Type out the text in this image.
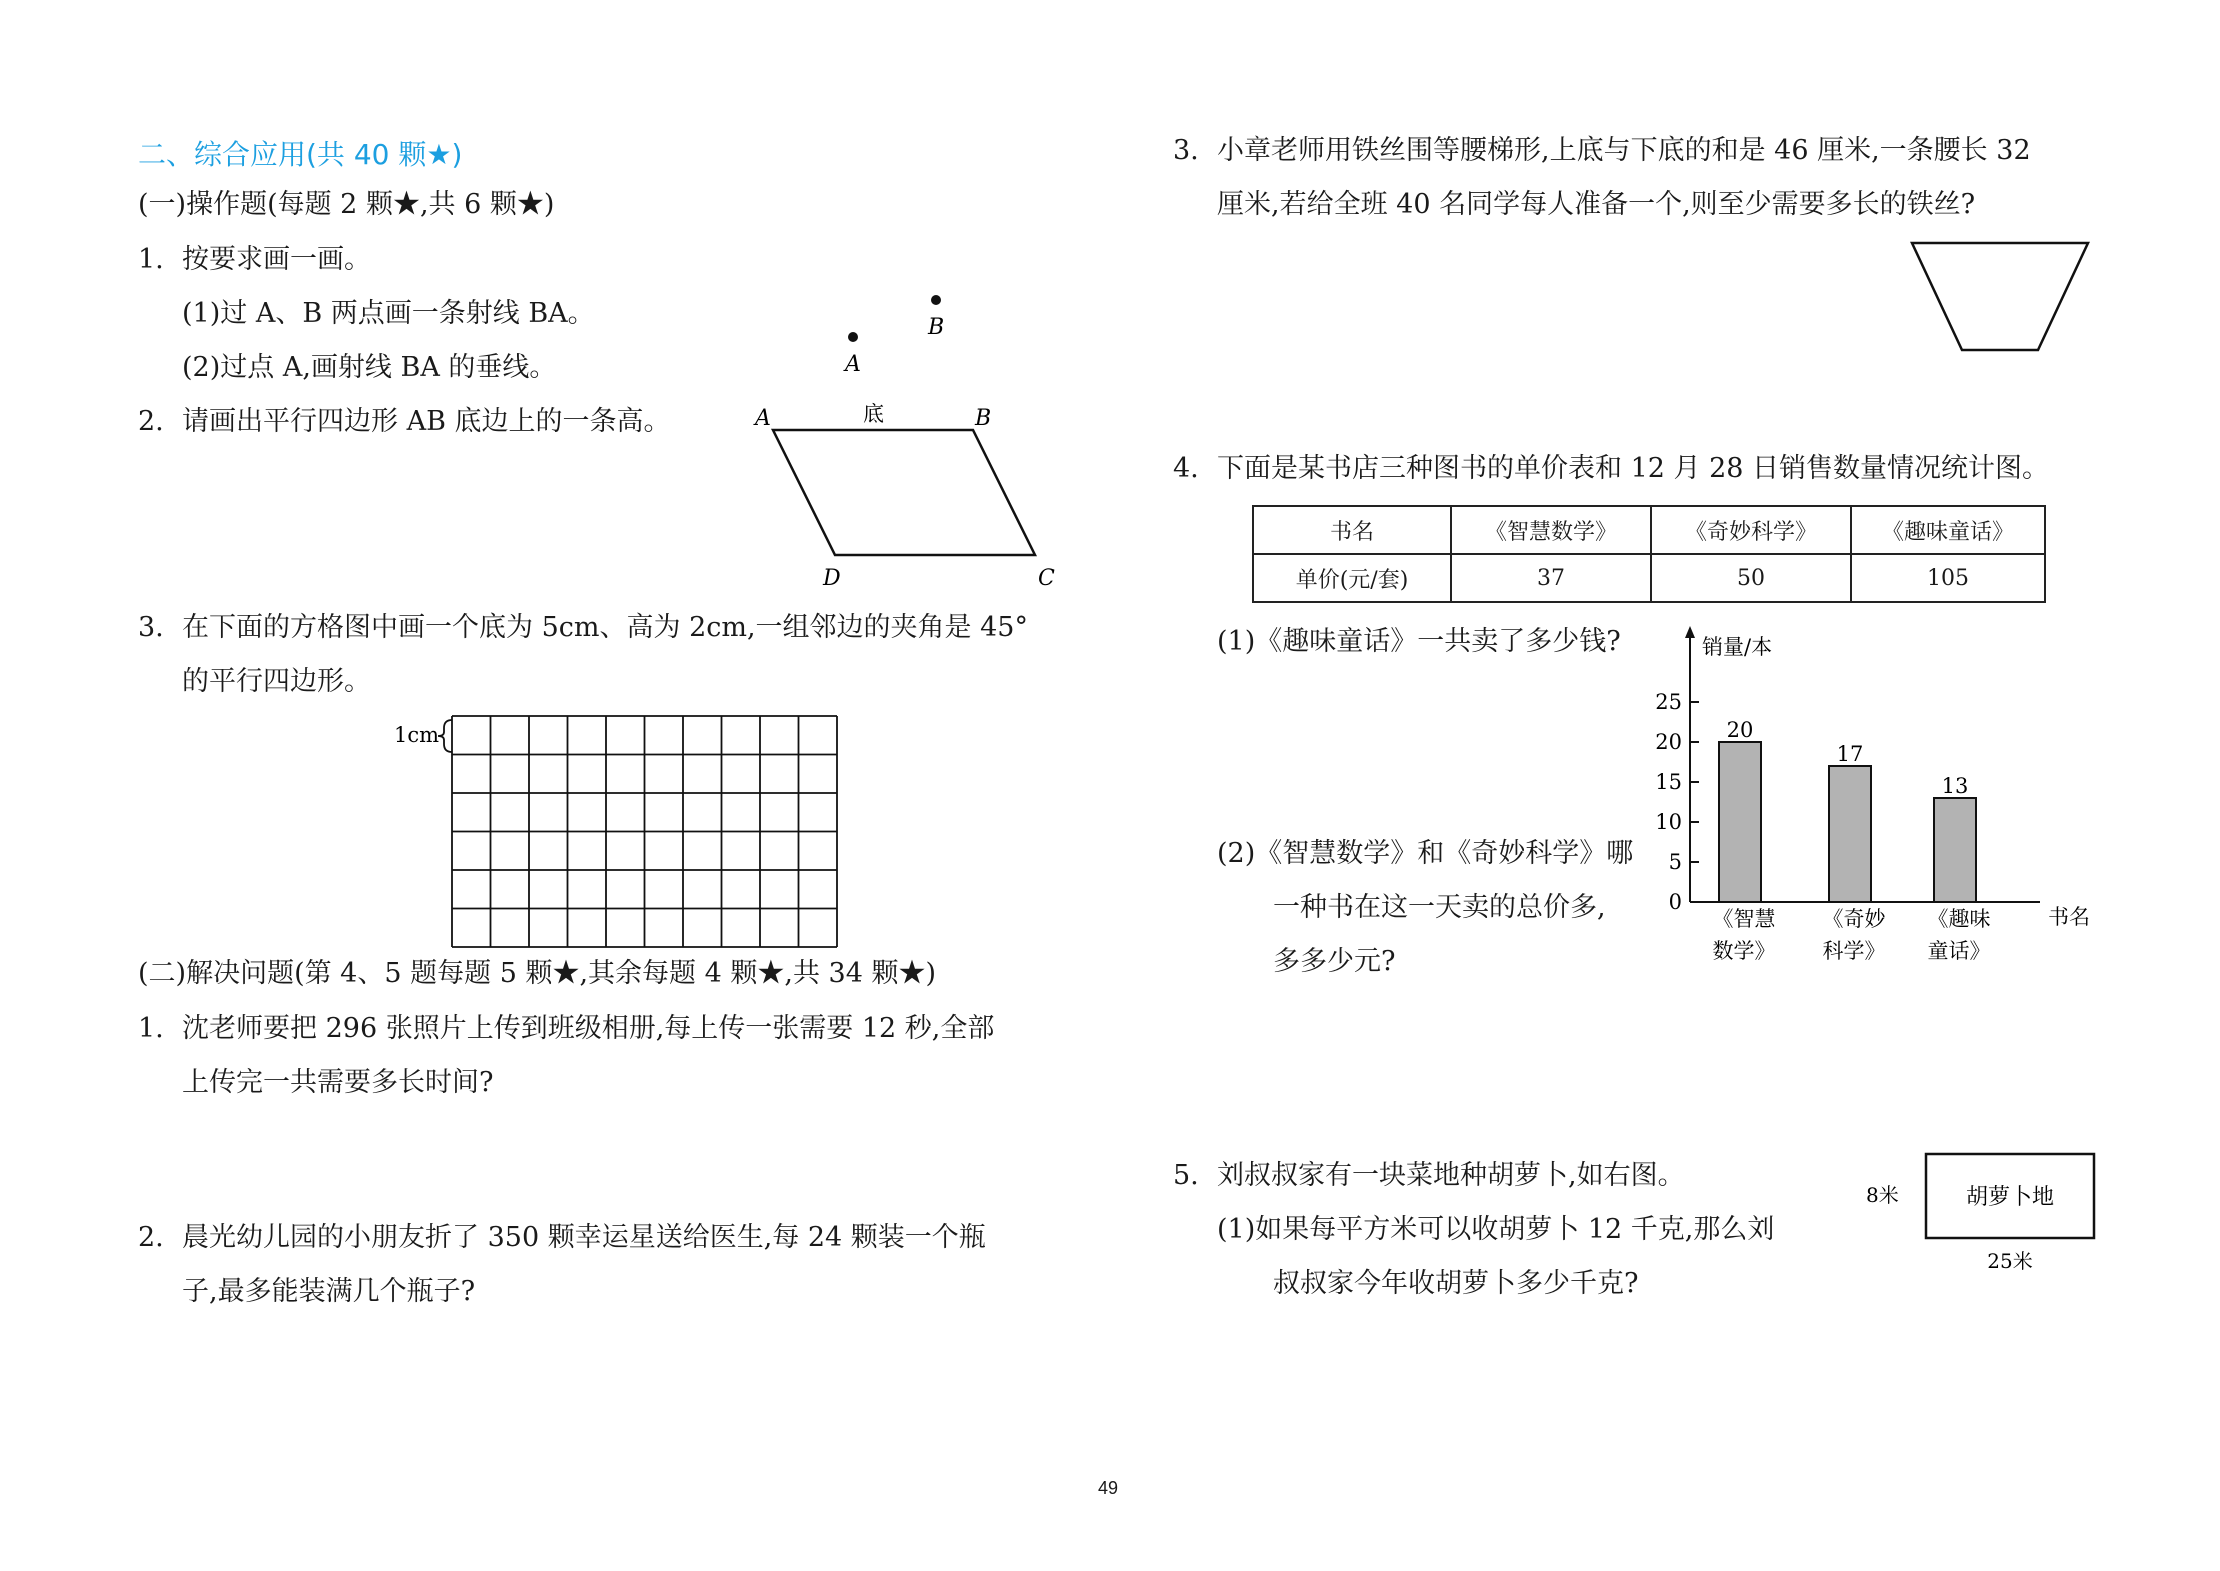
二、综合应用(共 40 颗★)
(一)操作题(每题 2 颗★,共 6 颗★)
1. 按要求画一画。
(1)过 A、B 两点画一条射线 BA。
(2)过点 A,画射线 BA 的垂线。
B
A
2. 请画出平行四边形 AB 底边上的一条高。	A	B
底
D	C
3. 在下面的方格图中画一个底为 5cm、高为 2cm,一组邻边的夹角是 45°
的平行四边形。
1cm
(二)解决问题(第 4、5 题每题 5 颗★,其余每题 4 颗★,共 34 颗★)
1. 沈老师要把 296 张照片上传到班级相册,每上传一张需要 12 秒,全部
上传完一共需要多长时间?
2. 晨光幼儿园的小朋友折了 350 颗幸运星送给医生,每 24 颗装一个瓶
子,最多能装满几个瓶子?
3. 小章老师用铁丝围等腰梯形,上底与下底的和是 46 厘米,一条腰长 32
厘米,若给全班 40 名同学每人准备一个,则至少需要多长的铁丝?
4. 下面是某书店三种图书的单价表和 12 月 28 日销售数量情况统计图。
书名	《智慧数学》	《奇妙科学》	《趣味童话》
单价(元/套)	37	50	105
(1)《趣味童话》一共卖了多少钱?
(2)《智慧数学》和《奇妙科学》哪
一种书在这一天卖的总价多,
多多少元?
销量/本
书名
0
5
10
15
20
25
20
《智慧
数学》
17
《奇妙
科学》
13
《趣味
童话》
5. 刘叔叔家有一块菜地种胡萝卜,如右图。
(1)如果每平方米可以收胡萝卜 12 千克,那么刘
叔叔家今年收胡萝卜多少千克?
胡萝卜地
8米
25米
49
